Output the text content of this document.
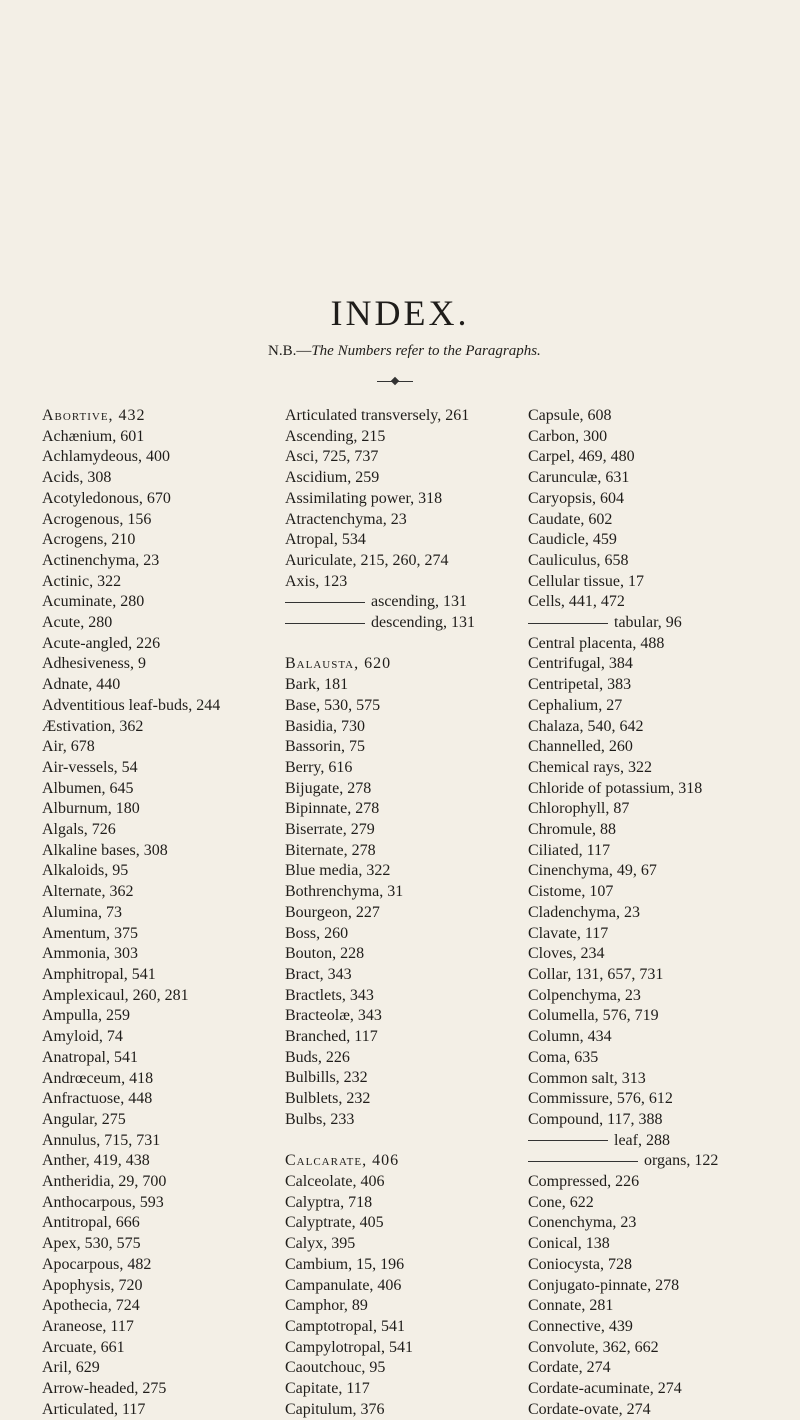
INDEX.
N.B.—The Numbers refer to the Paragraphs.
Abortive, 432
Achænium, 601
Achlamydeous, 400
Acids, 308
Acotyledonous, 670
Acrogenous, 156
Acrogens, 210
Actinenchyma, 23
Actinic, 322
Acuminate, 280
Acute, 280
Acute-angled, 226
Adhesiveness, 9
Adnate, 440
Adventitious leaf-buds, 244
Æstivation, 362
Air, 678
Air-vessels, 54
Albumen, 645
Alburnum, 180
Algals, 726
Alkaline bases, 308
Alkaloids, 95
Alternate, 362
Alumina, 73
Amentum, 375
Ammonia, 303
Amphitropal, 541
Amplexicaul, 260, 281
Ampulla, 259
Amyloid, 74
Anatropal, 541
Andrœceum, 418
Anfractuose, 448
Angular, 275
Annulus, 715, 731
Anther, 419, 438
Antheridia, 29, 700
Anthocarpous, 593
Antitropal, 666
Apex, 530, 575
Apocarpous, 482
Apophysis, 720
Apothecia, 724
Araneose, 117
Arcuate, 661
Aril, 629
Arrow-headed, 275
Articulated, 117
Articulated transversely, 261
Ascending, 215
Asci, 725, 737
Ascidium, 259
Assimilating power, 318
Atractenchyma, 23
Atropal, 534
Auriculate, 215, 260, 274
Axis, 123
ascending, 131
descending, 131
Balausta, 620
Bark, 181
Base, 530, 575
Basidia, 730
Bassorin, 75
Berry, 616
Bijugate, 278
Bipinnate, 278
Biserrate, 279
Biternate, 278
Blue media, 322
Bothrenchyma, 31
Bourgeon, 227
Boss, 260
Bouton, 228
Bract, 343
Bractlets, 343
Bracteolæ, 343
Branched, 117
Buds, 226
Bulbills, 232
Bulblets, 232
Bulbs, 233
Calcarate, 406
Calceolate, 406
Calyptra, 718
Calyptrate, 405
Calyx, 395
Cambium, 15, 196
Campanulate, 406
Camphor, 89
Camptotropal, 541
Campylotropal, 541
Caoutchouc, 95
Capitate, 117
Capitulum, 376
Capsule, 608
Carbon, 300
Carpel, 469, 480
Carunculæ, 631
Caryopsis, 604
Caudate, 602
Caudicle, 459
Cauliculus, 658
Cellular tissue, 17
Cells, 441, 472
tabular, 96
Central placenta, 488
Centrifugal, 384
Centripetal, 383
Cephalium, 27
Chalaza, 540, 642
Channelled, 260
Chemical rays, 322
Chloride of potassium, 318
Chlorophyll, 87
Chromule, 88
Ciliated, 117
Cinenchyma, 49, 67
Cistome, 107
Cladenchyma, 23
Clavate, 117
Cloves, 234
Collar, 131, 657, 731
Colpenchyma, 23
Columella, 576, 719
Column, 434
Coma, 635
Common salt, 313
Commissure, 576, 612
Compound, 117, 388
leaf, 288
organs, 122
Compressed, 226
Cone, 622
Conenchyma, 23
Conical, 138
Coniocysta, 728
Conjugato-pinnate, 278
Connate, 281
Connective, 439
Convolute, 362, 662
Cordate, 274
Cordate-acuminate, 274
Cordate-ovate, 274
